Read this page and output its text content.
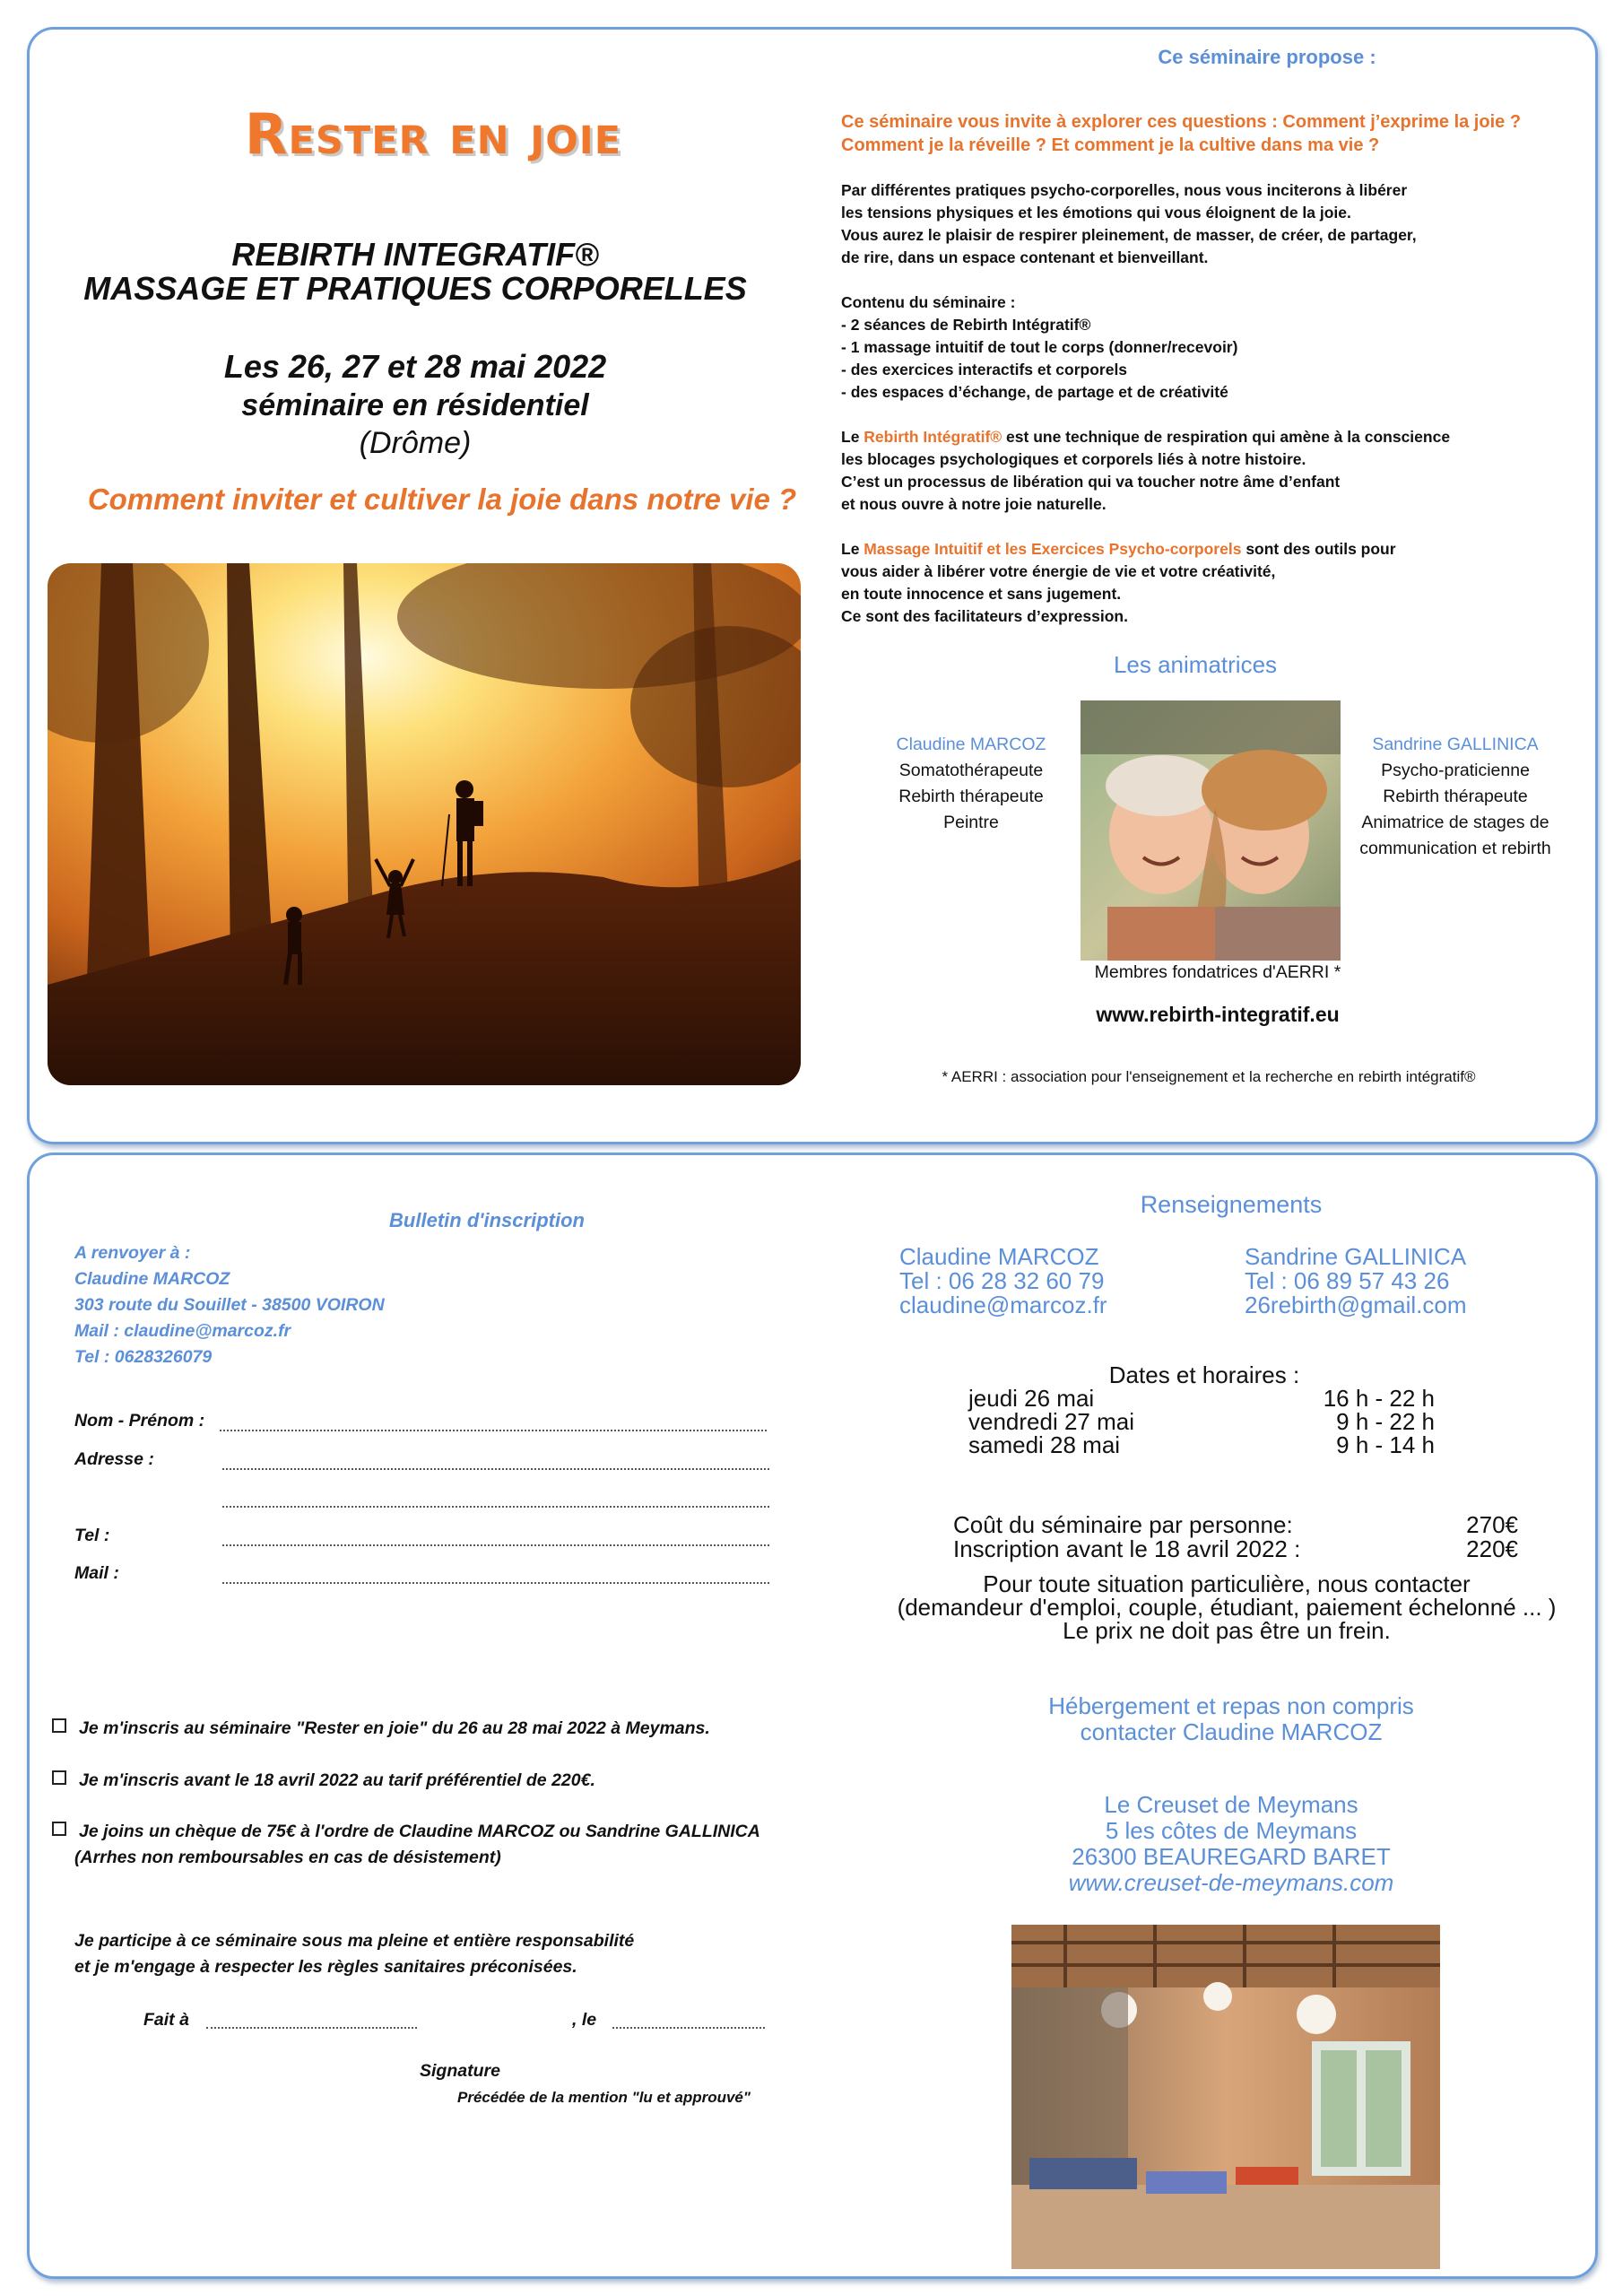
Ce séminaire propose :
Rester en joie
REBIRTH INTEGRATIF®
MASSAGE ET PRATIQUES CORPORELLES
Les 26, 27 et 28 mai 2022
séminaire en résidentiel
(Drôme)
Comment inviter et cultiver la joie dans notre vie ?

Ce séminaire vous invite à explorer ces questions : Comment j’exprime la joie ?
Comment je la réveille ? Et comment je la cultive dans ma vie ?

Par différentes pratiques psycho-corporelles, nous vous inciterons à libérer
les tensions physiques et les émotions qui vous éloignent de la joie.
Vous aurez le plaisir de respirer pleinement, de masser, de créer, de partager,
de rire, dans un espace contenant et bienveillant.

Contenu du séminaire :
- 2 séances de Rebirth Intégratif®
- 1 massage intuitif de tout le corps (donner/recevoir)
- des exercices interactifs et corporels
- des espaces d’échange, de partage et de créativité

Le Rebirth Intégratif® est une technique de respiration qui amène à la conscience
les blocages psychologiques et corporels liés à notre histoire.
C’est un processus de libération qui va toucher notre âme d’enfant
et nous ouvre à notre joie naturelle.

Le Massage Intuitif et les Exercices Psycho-corporels sont des outils pour
vous aider à libérer votre énergie de vie et votre créativité,
en toute innocence et sans jugement.
Ce sont des facilitateurs d’expression.

Les animatrices
Claudine MARCOZ
Somatothérapeute
Rebirth thérapeute
Peintre
Sandrine GALLINICA
Psycho-praticienne
Rebirth thérapeute
Animatrice de stages de
communication et rebirth
Membres fondatrices d'AERRI *
www.rebirth-integratif.eu
* AERRI : association pour l'enseignement et la recherche en rebirth intégratif®
Bulletin d'inscription
A renvoyer à :
Claudine MARCOZ
303 route du Souillet - 38500 VOIRON
Mail : claudine@marcoz.fr
Tel : 0628326079
Nom - Prénom :
Adresse :
Tel :
Mail :
Je m'inscris au séminaire "Rester en joie" du 26 au 28 mai 2022 à Meymans.
Je m'inscris avant le 18 avril 2022 au tarif préférentiel de 220€.
Je joins un chèque de 75€ à l'ordre de Claudine MARCOZ ou Sandrine GALLINICA
(Arrhes non remboursables en cas de désistement)
Je participe à ce séminaire sous ma pleine et entière responsabilité
et je m'engage à respecter les règles sanitaires préconisées.
Fait à	, le
Signature
Précédée de la mention "lu et approuvé"
Renseignements
Claudine MARCOZ
Tel : 06 28 32 60 79
claudine@marcoz.fr
Sandrine GALLINICA
Tel : 06 89 57 43 26
26rebirth@gmail.com
Dates et horaires :
jeudi 26 mai	16 h - 22 h
vendredi 27 mai	9 h - 22 h
samedi 28 mai	9 h - 14 h
Coût du séminaire par personne:	270€
Inscription avant le 18 avril 2022 :	220€
Pour toute situation particulière, nous contacter
(demandeur d'emploi, couple, étudiant, paiement échelonné ... )
Le prix ne doit pas être un frein.
Hébergement et repas non compris
contacter Claudine MARCOZ
Le Creuset de Meymans
5 les côtes de Meymans
26300 BEAUREGARD BARET
www.creuset-de-meymans.com
